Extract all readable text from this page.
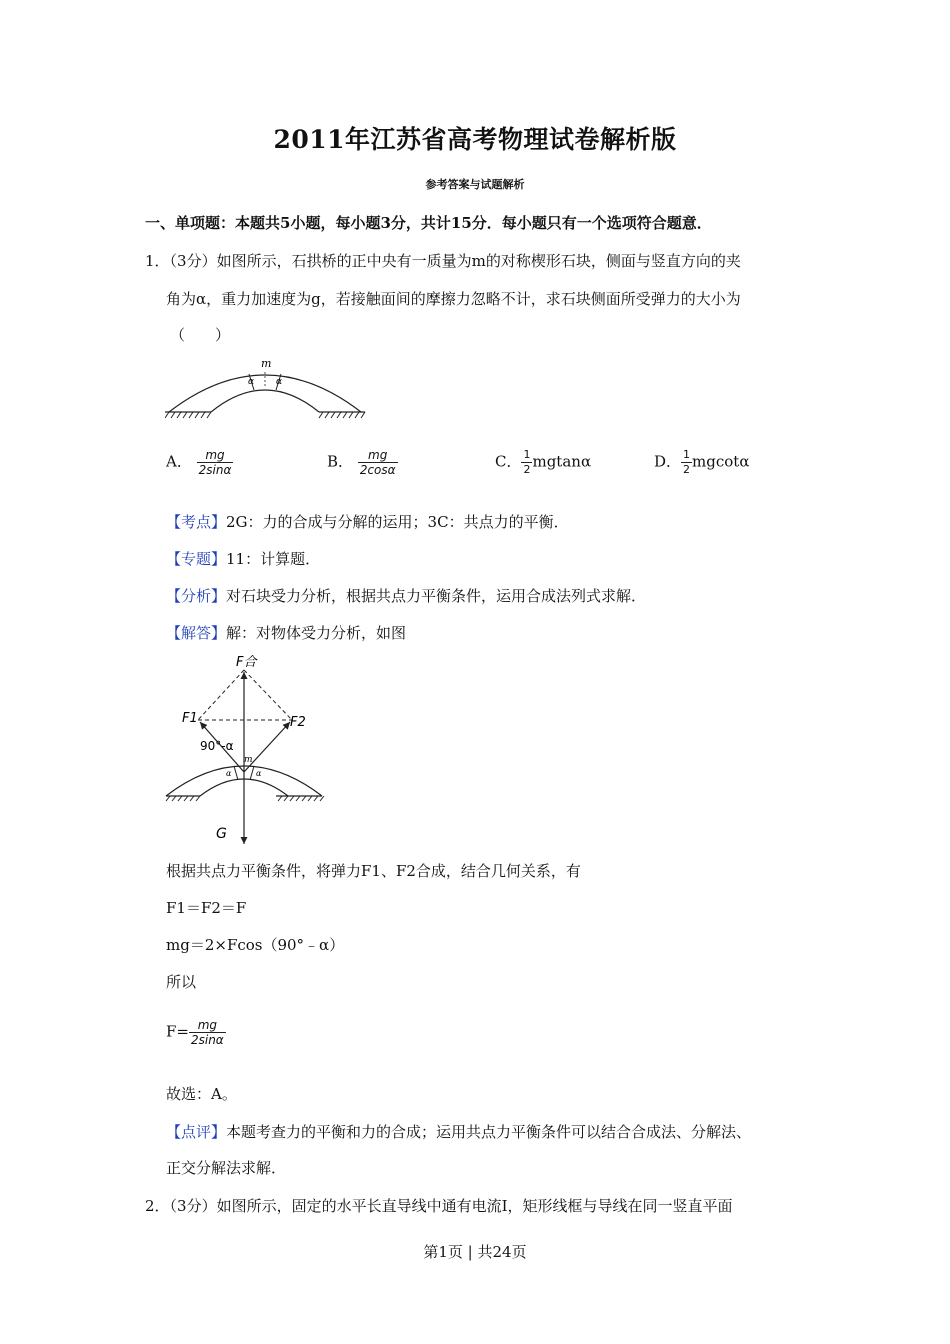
2011年江苏省高考物理试卷解析版
参考答案与试题解析
一、单项题：本题共5小题，每小题3分，共计15分．每小题只有一个选项符合题意．
1．（3分）如图所示，石拱桥的正中央有一质量为m的对称楔形石块，侧面与竖直方向的夹
角为α，重力加速度为g，若接触面间的摩擦力忽略不计，求石块侧面所受弹力的大小为
（　　）
m
α α
A． $\frac{mg}{2\sin\alpha}$	B． $\frac{mg}{2\cos\alpha}$	C． $\frac{1}{2}$ mgtanα	D． $\frac{1}{2}$ mgcotα
【考点】2G：力的合成与分解的运用；3C：共点力的平衡．
【专题】11：计算题．
【分析】对石块受力分析，根据共点力平衡条件，运用合成法列式求解．
【解答】解：对物体受力分析，如图
F合
F1	F2
90°-α
m
α	α
G
根据共点力平衡条件，将弹力F1、F2合成，结合几何关系，有
F1＝F2＝F
mg＝2×Fcos（90°﹣α）
所以
$F= \frac{mg}{2\sin\alpha}$
故选：A。
【点评】本题考查力的平衡和力的合成；运用共点力平衡条件可以结合合成法、分解法、
正交分解法求解．
2．（3分）如图所示，固定的水平长直导线中通有电流I，矩形线框与导线在同一竖直平面
第1页 | 共24页
